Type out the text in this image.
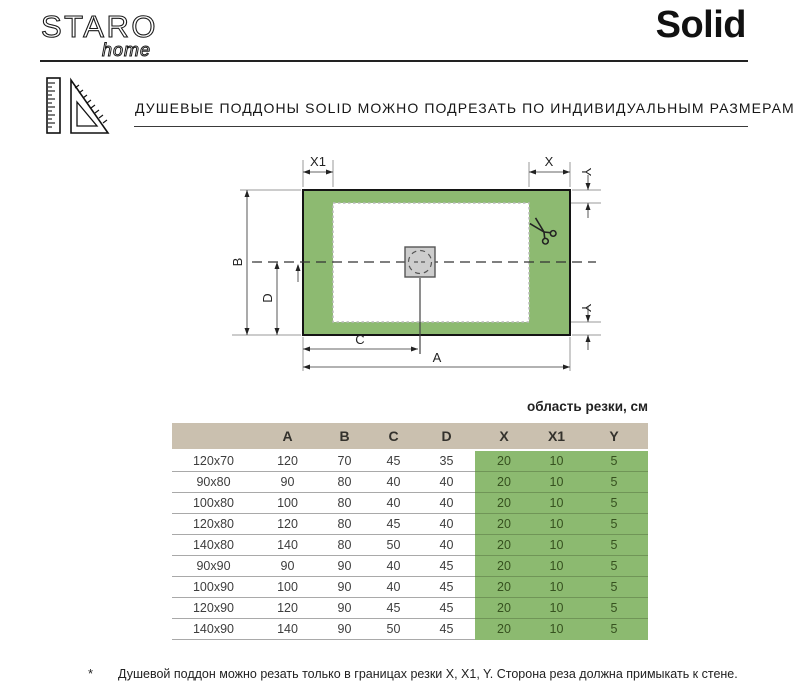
STARO
home
Solid
ДУШЕВЫЕ ПОДДОНЫ SOLID МОЖНО ПОДРЕЗАТЬ ПО ИНДИВИДУАЛЬНЫМ РАЗМЕРАМ
X1	X
Y
Y
B
D
C
A
область резки, см
	A	B	C	D	X	X1	Y
120x70	120	70	45	35	20	10	5
90x80	90	80	40	40	20	10	5
100x80	100	80	40	40	20	10	5
120x80	120	80	45	40	20	10	5
140x80	140	80	50	40	20	10	5
90x90	90	90	40	45	20	10	5
100x90	100	90	40	45	20	10	5
120x90	120	90	45	45	20	10	5
140x90	140	90	50	45	20	10	5
* Душевой поддон можно резать только в границах резки X, X1, Y. Сторона реза должна примыкать к стене.
